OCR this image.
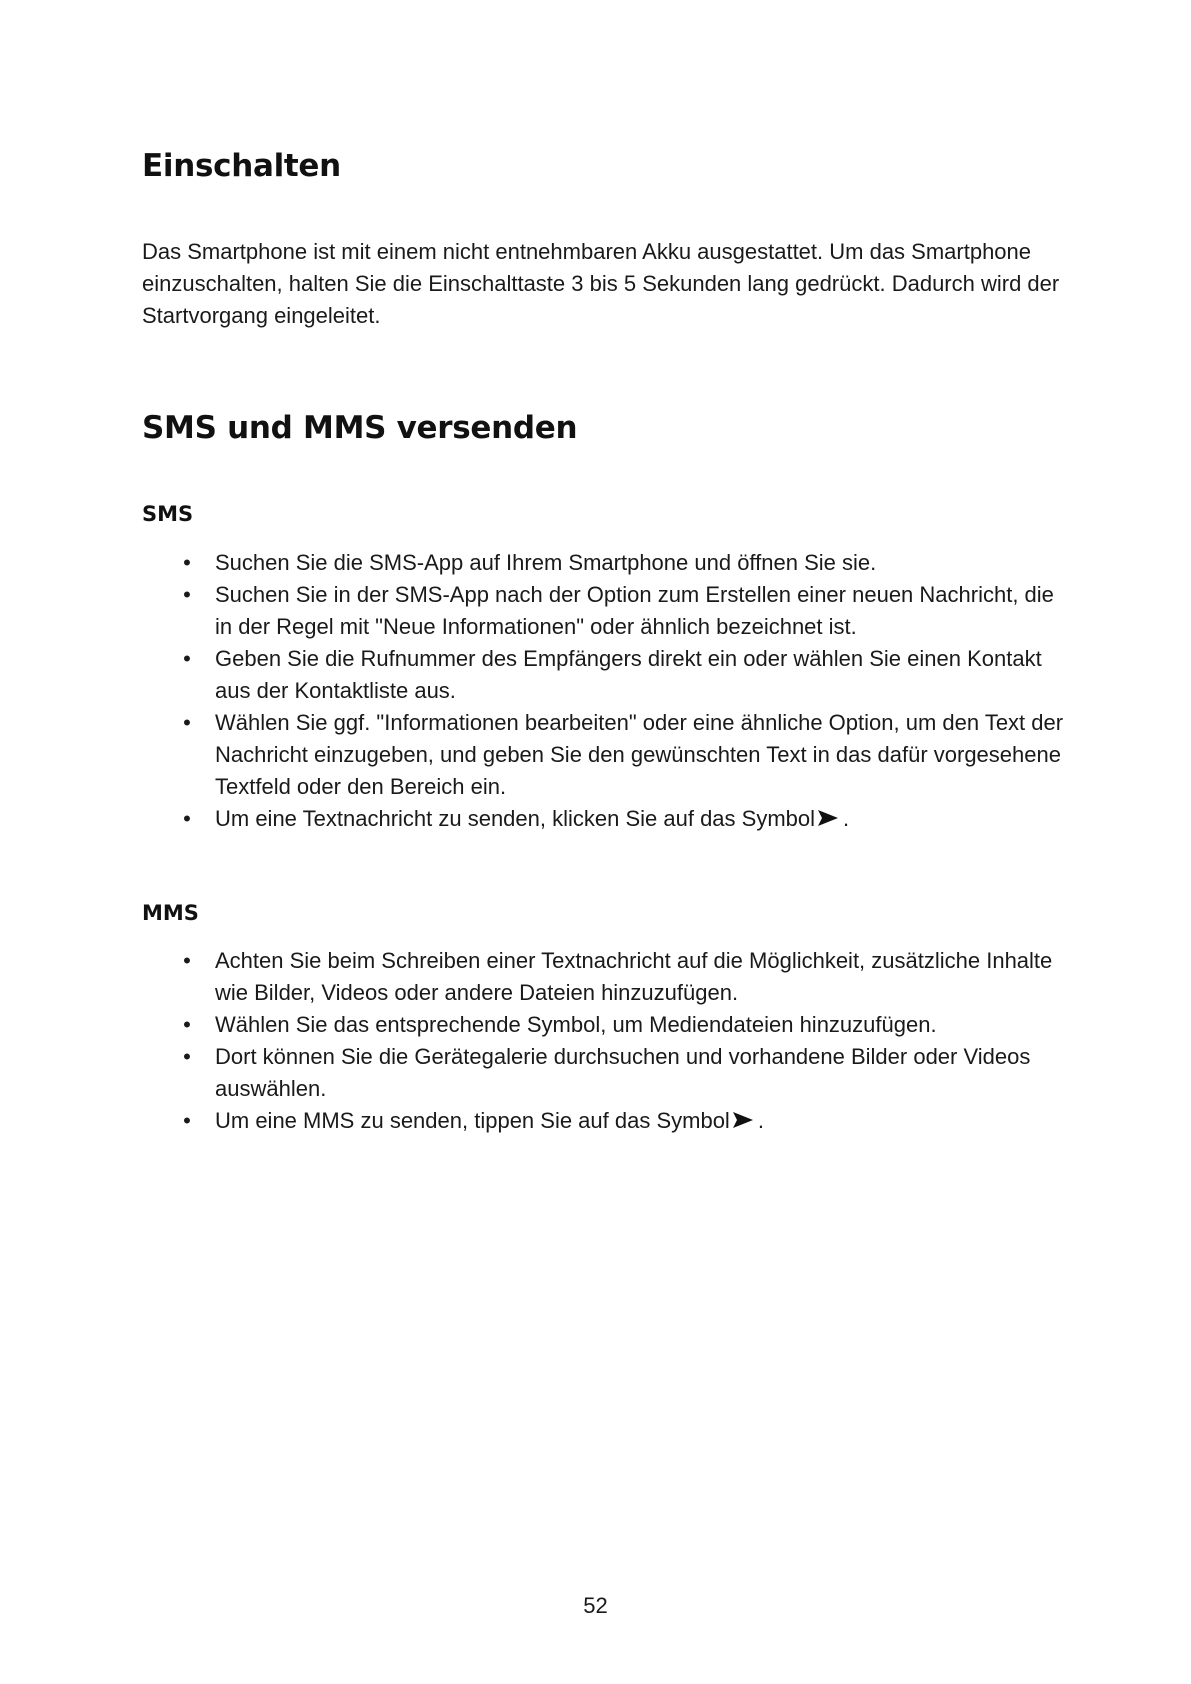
Einschalten

Das Smartphone ist mit einem nicht entnehmbaren Akku ausgestattet. Um das Smartphone einzuschalten, halten Sie die Einschalttaste 3 bis 5 Sekunden lang gedrückt. Dadurch wird der Startvorgang eingeleitet.

SMS und MMS versenden
SMS
• Suchen Sie die SMS-App auf Ihrem Smartphone und öffnen Sie sie.
• Suchen Sie in der SMS-App nach der Option zum Erstellen einer neuen Nachricht, die in der Regel mit "Neue Informationen" oder ähnlich bezeichnet ist.
• Geben Sie die Rufnummer des Empfängers direkt ein oder wählen Sie einen Kontakt aus der Kontaktliste aus.
• Wählen Sie ggf. "Informationen bearbeiten" oder eine ähnliche Option, um den Text der Nachricht einzugeben, und geben Sie den gewünschten Text in das dafür vorgesehene Textfeld oder den Bereich ein.
• Um eine Textnachricht zu senden, klicken Sie auf das Symbol .
MMS
• Achten Sie beim Schreiben einer Textnachricht auf die Möglichkeit, zusätzliche Inhalte wie Bilder, Videos oder andere Dateien hinzuzufügen.
• Wählen Sie das entsprechende Symbol, um Mediendateien hinzuzufügen.
• Dort können Sie die Gerätegalerie durchsuchen und vorhandene Bilder oder Videos auswählen.
• Um eine MMS zu senden, tippen Sie auf das Symbol .
52
